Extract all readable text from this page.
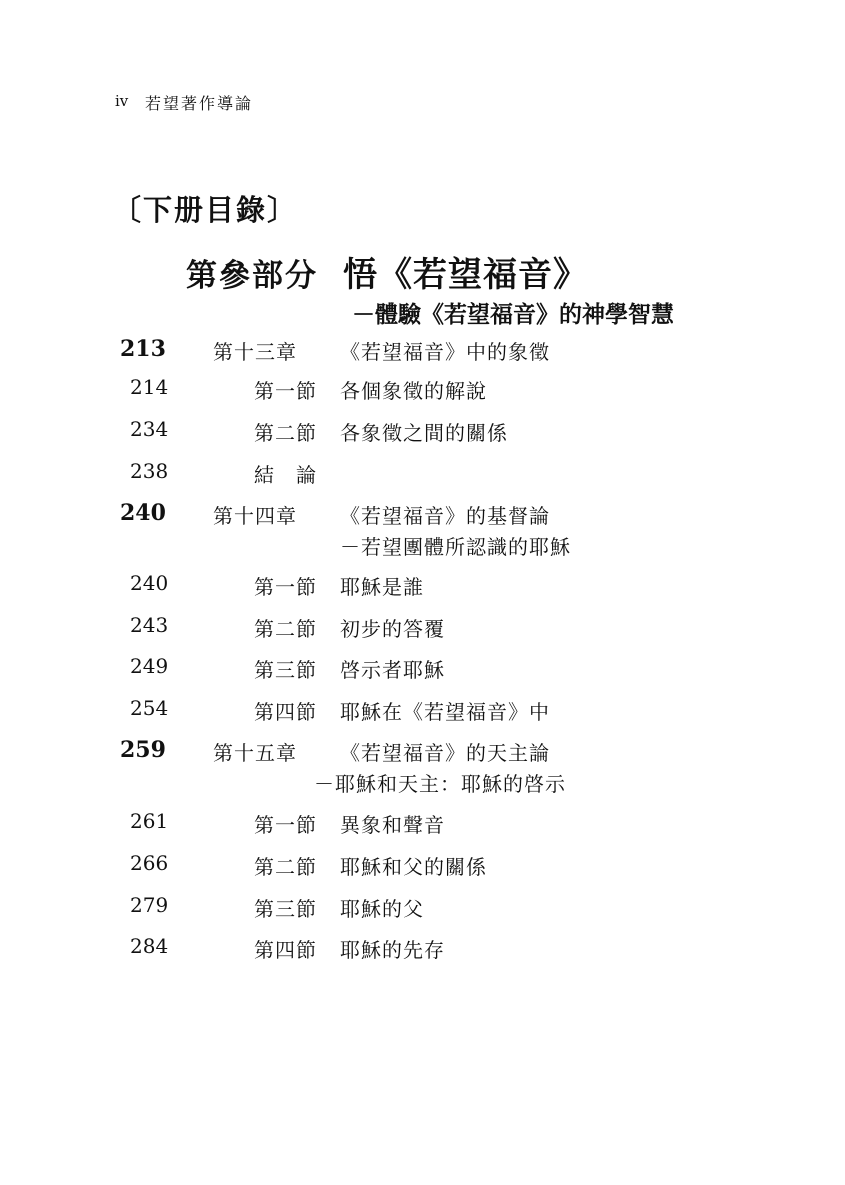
iv 若望著作導論
〔下册目錄〕
第參部分 悟《若望福音》
－體驗《若望福音》的神學智慧
213 第十三章 《若望福音》中的象徵
214	第一節 各個象徵的解說
234	第二節 各象徵之間的關係
238	結　論
240 第十四章 《若望福音》的基督論
－若望團體所認識的耶穌
240	第一節 耶穌是誰
243	第二節 初步的答覆
249	第三節 啓示者耶穌
254	第四節 耶穌在《若望福音》中
259 第十五章 《若望福音》的天主論
－耶穌和天主：耶穌的啓示
261	第一節 異象和聲音
266	第二節 耶穌和父的關係
279	第三節 耶穌的父
284	第四節 耶穌的先存
